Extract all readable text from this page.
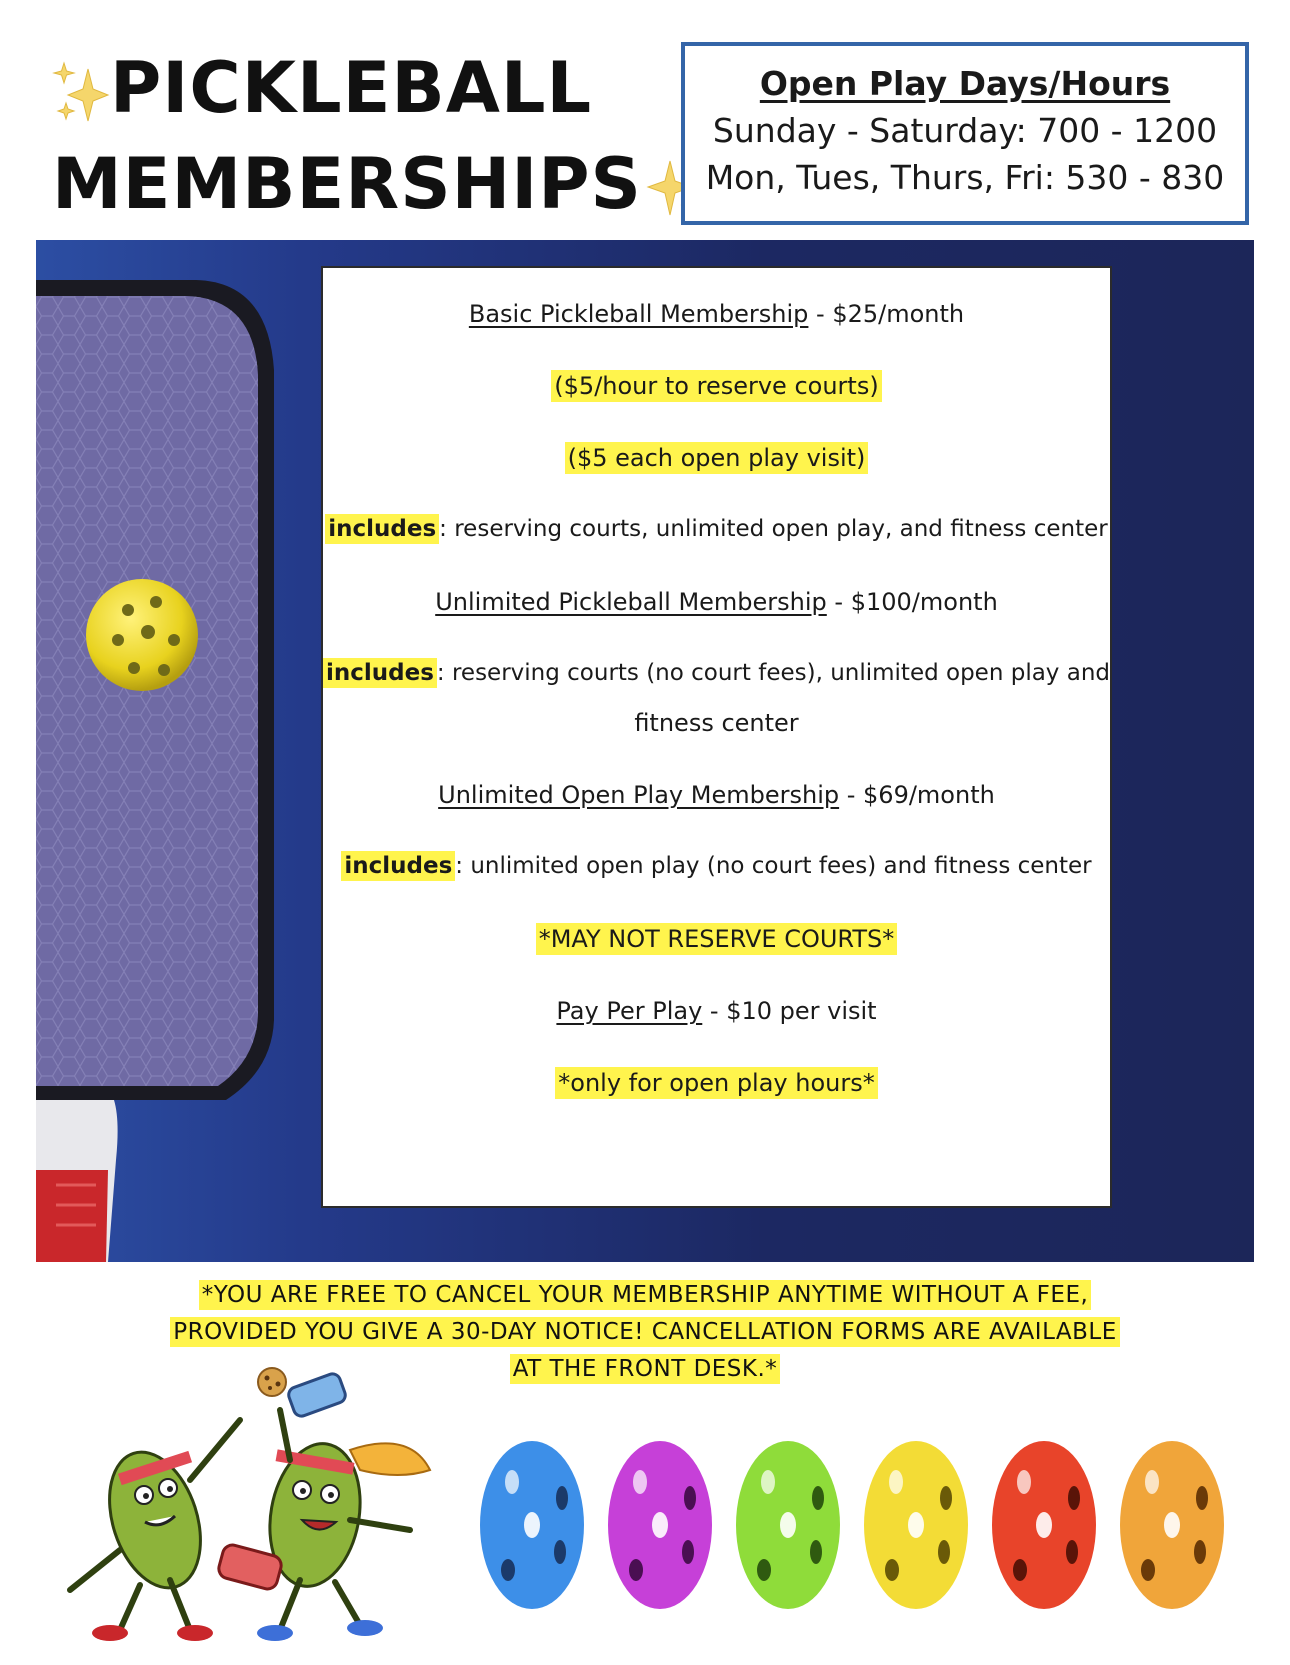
PICKLEBALL
MEMBERSHIPS
Open Play Days/Hours
Sunday - Saturday: 700 - 1200
Mon, Tues, Thurs, Fri: 530 - 830
Basic Pickleball Membership - $25/month
($5/hour to reserve courts)
($5 each open play visit)
includes : reserving courts, unlimited open play, and fitness center
Unlimited Pickleball Membership - $100/month
includes : reserving courts (no court fees), unlimited open play and
fitness center
Unlimited Open Play Membership - $69/month
includes : unlimited open play (no court fees) and fitness center
*MAY NOT RESERVE COURTS*
Pay Per Play - $10 per visit
*only for open play hours*
*YOU ARE FREE TO CANCEL YOUR MEMBERSHIP ANYTIME WITHOUT A FEE,
PROVIDED YOU GIVE A 30-DAY NOTICE! CANCELLATION FORMS ARE AVAILABLE
AT THE FRONT DESK.*
